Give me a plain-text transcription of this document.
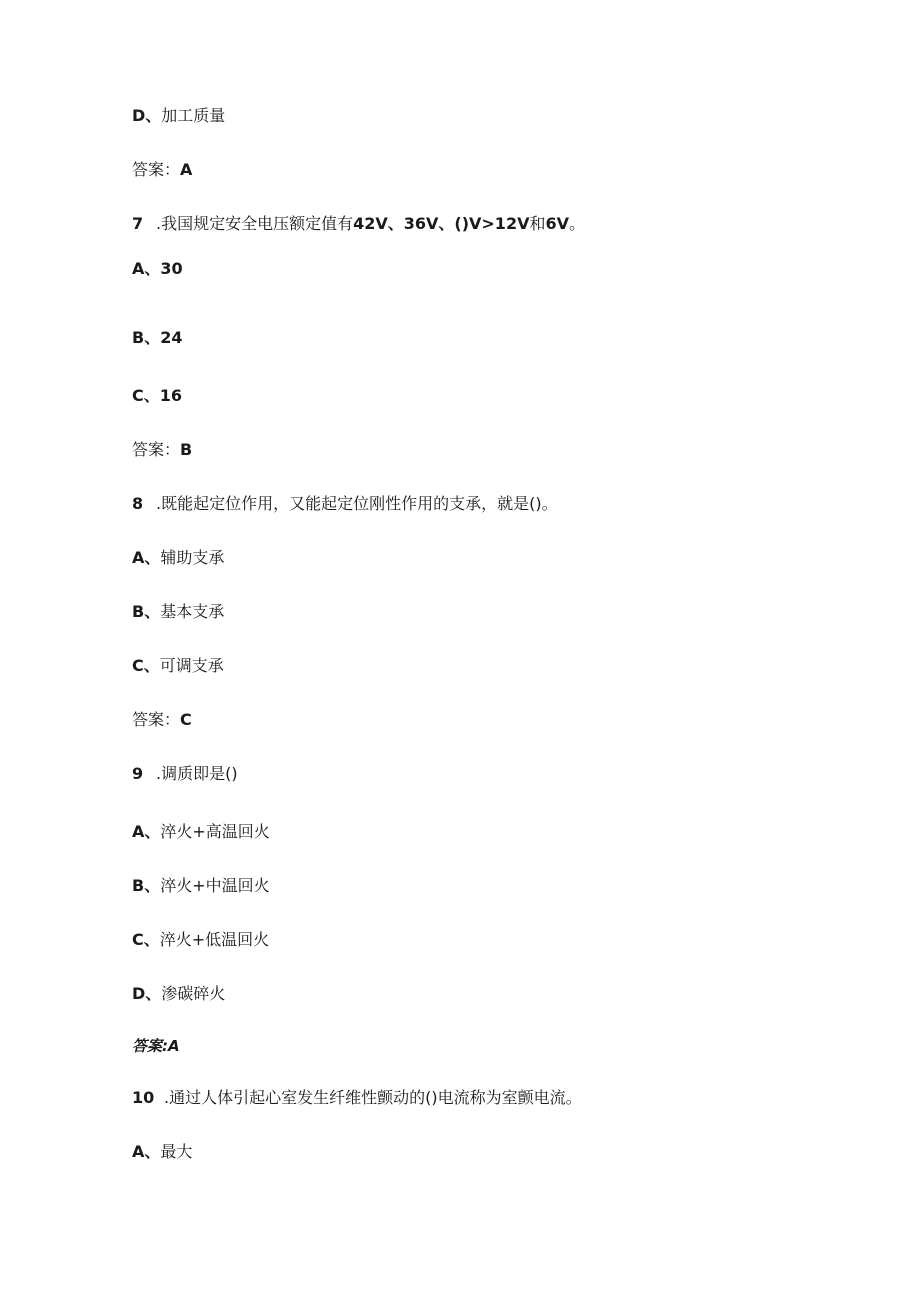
D、加工质量
答案：A
7 .我国规定安全电压额定值有42V、36V、()V>12V和6V。
A、30
B、24
C、16
答案：B
8 .既能起定位作用，又能起定位刚性作用的支承，就是()。
A、辅助支承
B、基本支承
C、可调支承
答案：C
9 .调质即是()
A、淬火+高温回火
B、淬火+中温回火
C、淬火+低温回火
D、渗碳碎火
答案:A
10 .通过人体引起心室发生纤维性颤动的()电流称为室颤电流。
A、最大
